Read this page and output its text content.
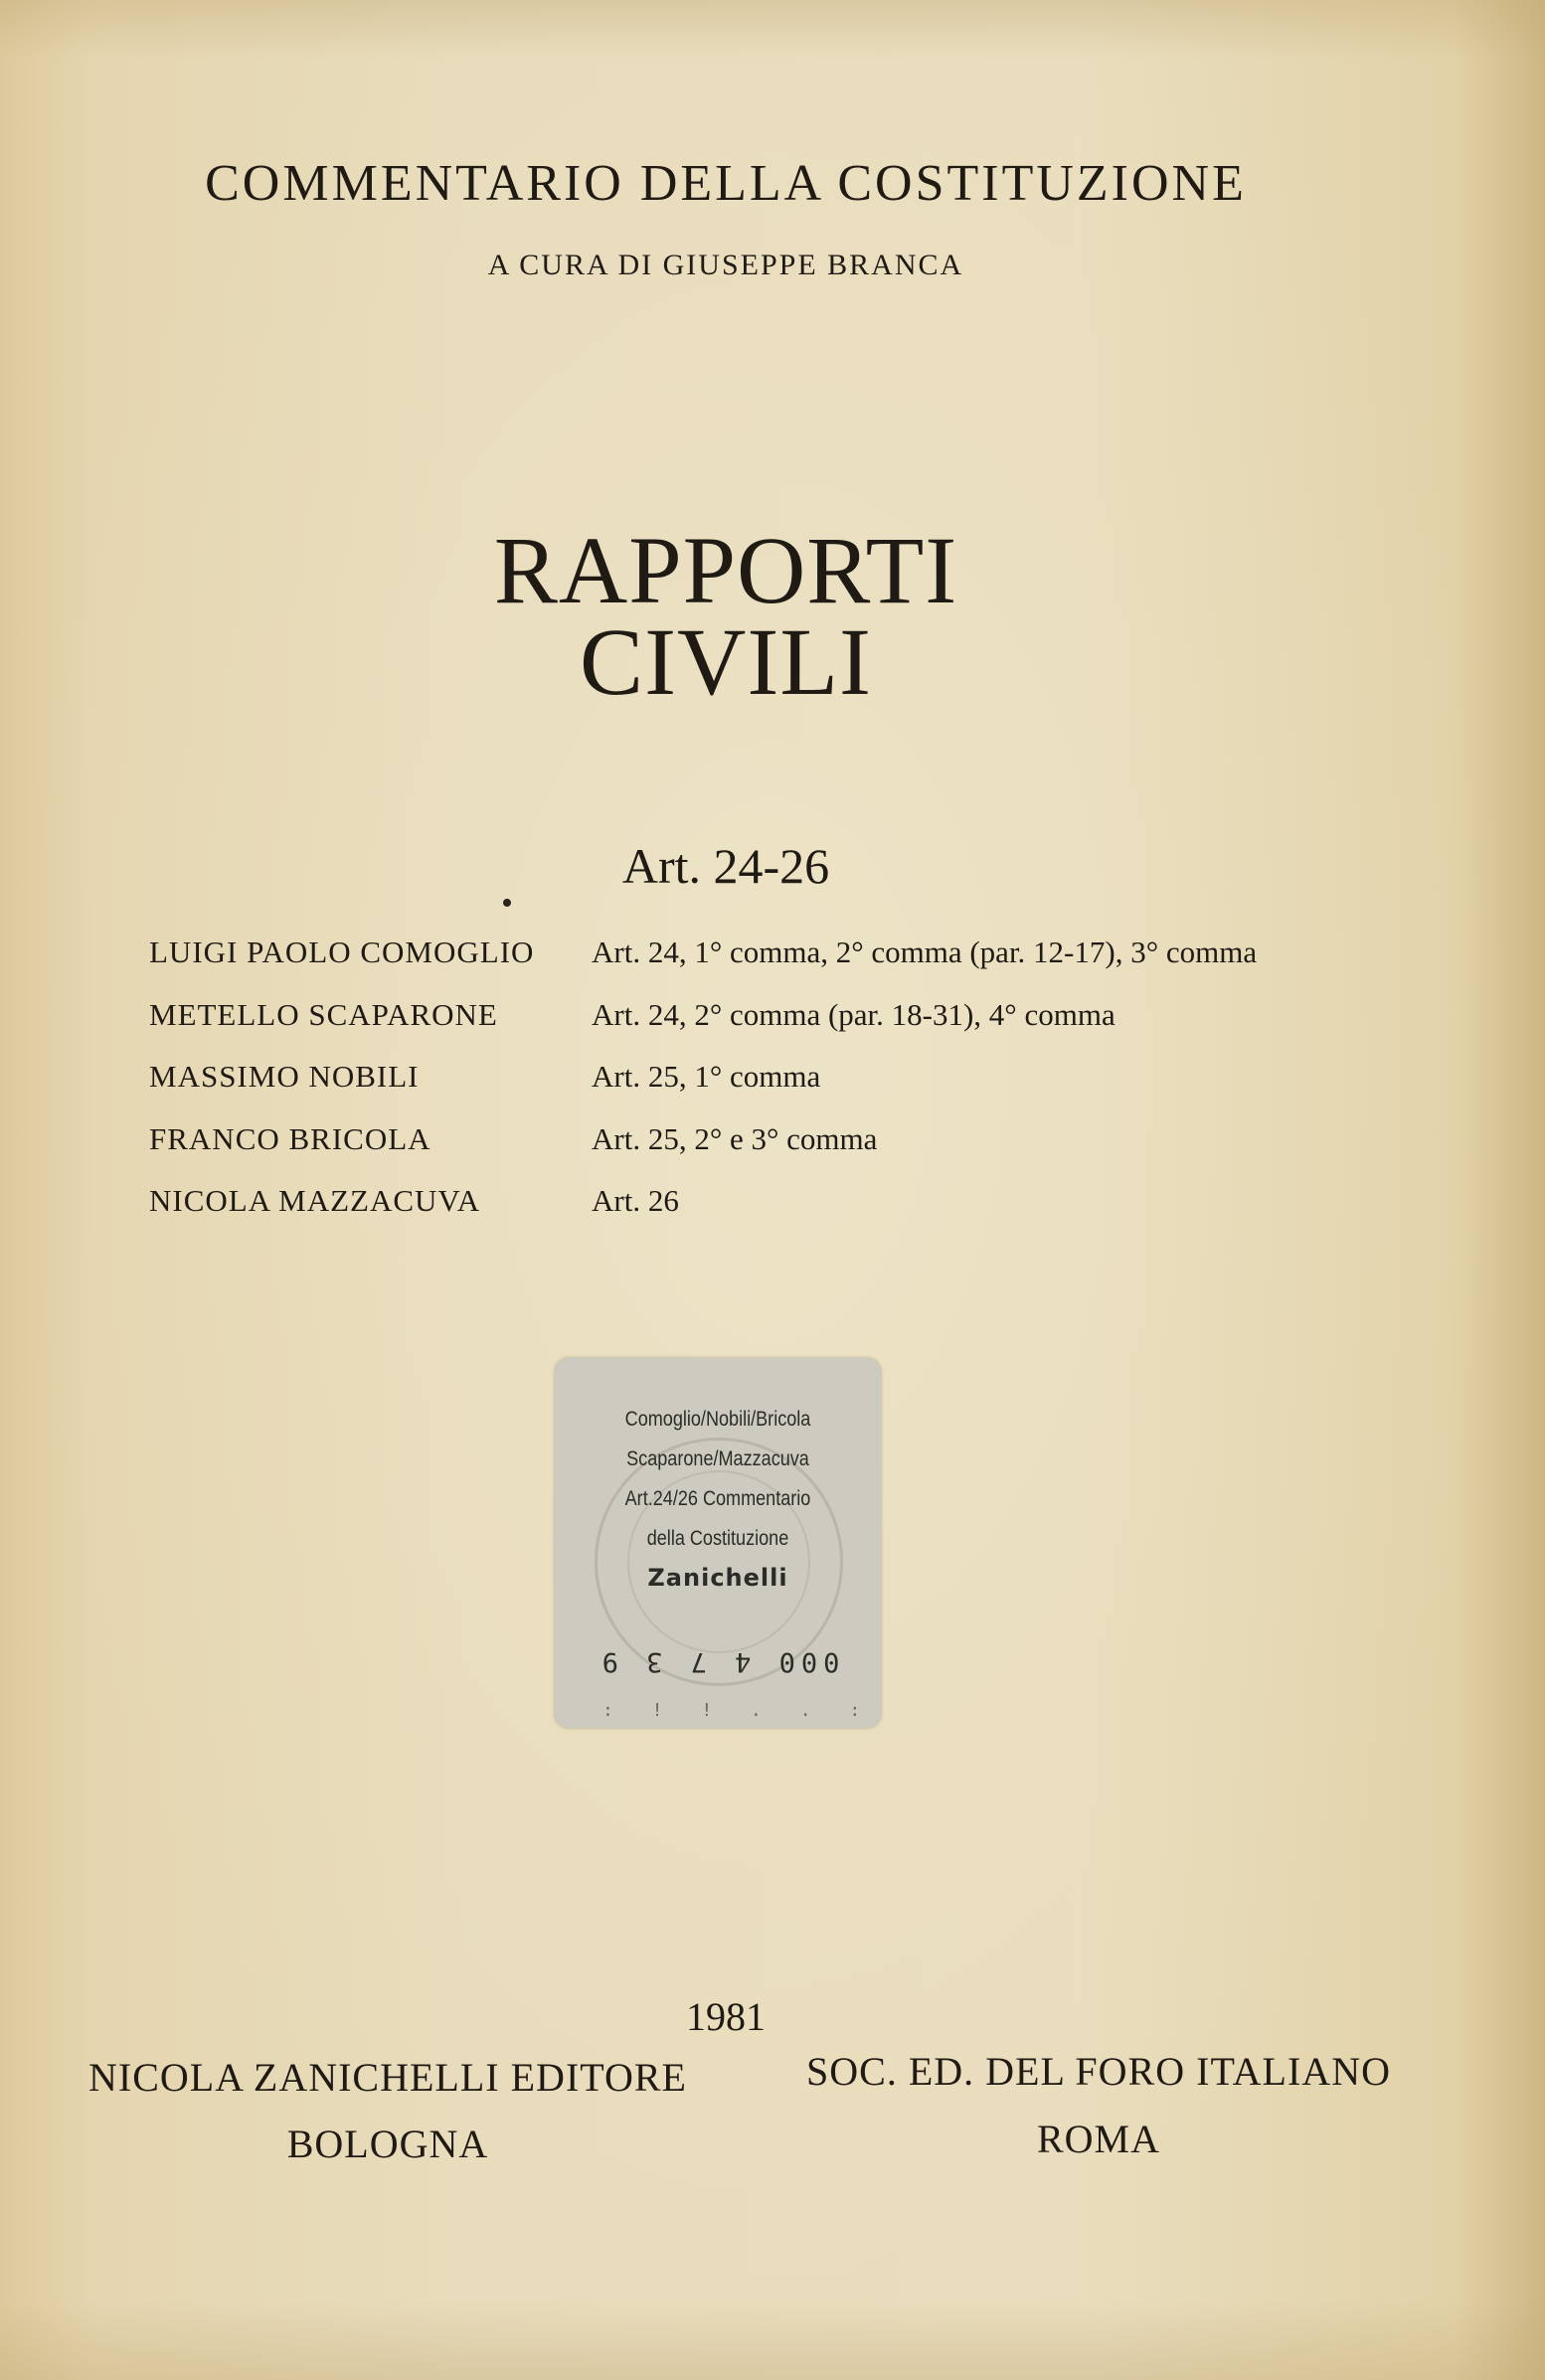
COMMENTARIO DELLA COSTITUZIONE
A CURA DI GIUSEPPE BRANCA
RAPPORTI
CIVILI
Art. 24-26
LUIGI PAOLO COMOGLIO Art. 24, 1° comma, 2° comma (par. 12-17), 3° comma
METELLO SCAPARONE	Art. 24, 2° comma (par. 18-31), 4° comma
MASSIMO NOBILI	Art. 25, 1° comma
FRANCO BRICOLA	Art. 25, 2° e 3° comma
NICOLA MAZZACUVA	Art. 26
Comoglio/Nobili/Bricola
Scaparone/Mazzacuva
Art.24/26 Commentario
della Costituzione
Zanichelli
000 4 7 3 9
: ! ! . . :
1981
NICOLA ZANICHELLI EDITORE
BOLOGNA
SOC. ED. DEL FORO ITALIANO
ROMA
